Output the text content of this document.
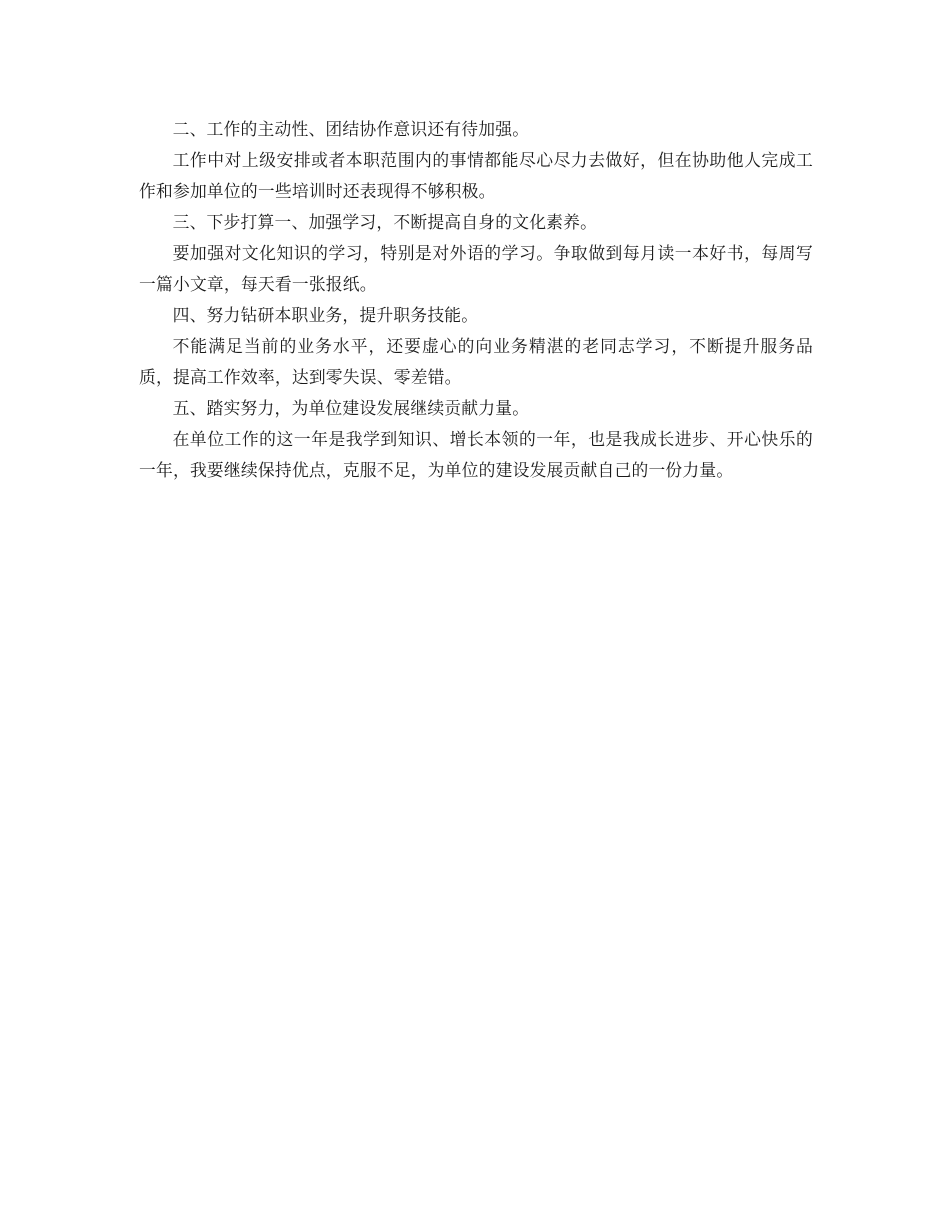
二、工作的主动性、团结协作意识还有待加强。

工作中对上级安排或者本职范围内的事情都能尽心尽力去做好，但在协助他人完成工作和参加单位的一些培训时还表现得不够积极。

三、下步打算一、加强学习，不断提高自身的文化素养。

要加强对文化知识的学习，特别是对外语的学习。争取做到每月读一本好书，每周写一篇小文章，每天看一张报纸。

四、努力钻研本职业务，提升职务技能。

不能满足当前的业务水平，还要虚心的向业务精湛的老同志学习，不断提升服务品质，提高工作效率，达到零失误、零差错。

五、踏实努力，为单位建设发展继续贡献力量。

在单位工作的这一年是我学到知识、增长本领的一年，也是我成长进步、开心快乐的一年，我要继续保持优点，克服不足，为单位的建设发展贡献自己的一份力量。
